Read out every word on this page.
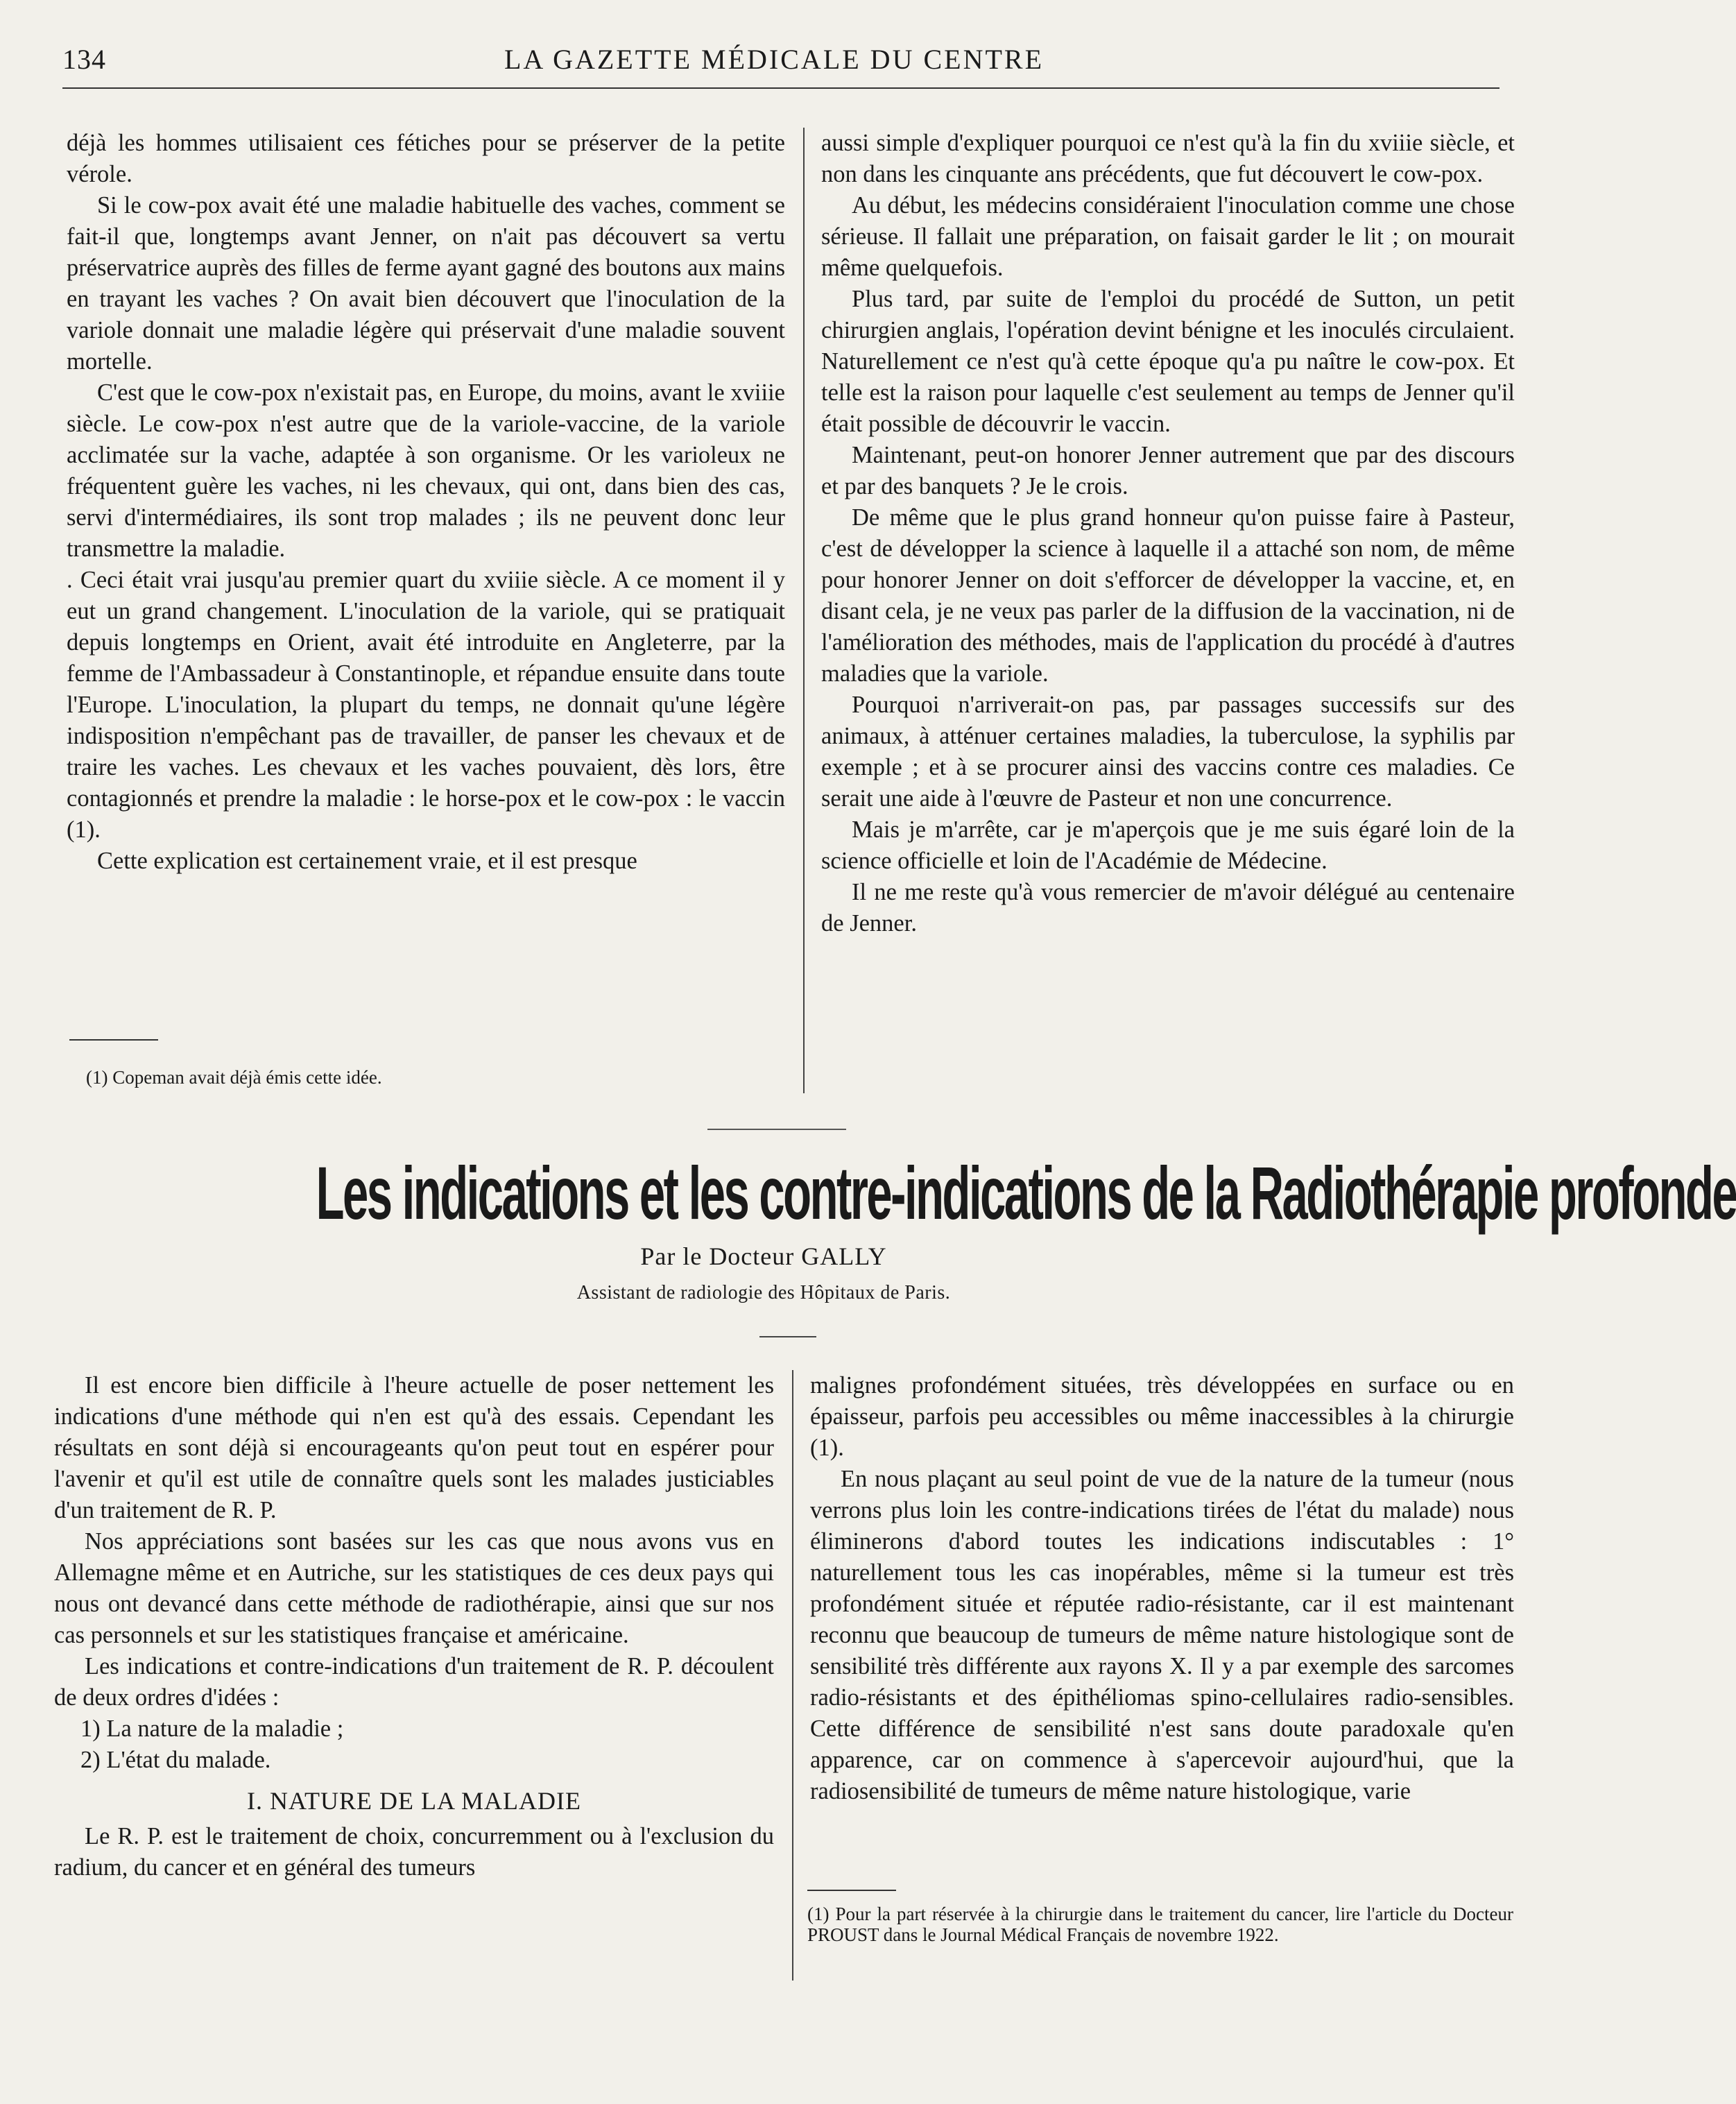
134	LA GAZETTE MÉDICALE DU CENTRE

déjà les hommes utilisaient ces fétiches pour se préserver de la petite vérole.

Si le cow-pox avait été une maladie habituelle des vaches, comment se fait-il que, longtemps avant Jenner, on n'ait pas découvert sa vertu préservatrice auprès des filles de ferme ayant gagné des boutons aux mains en trayant les vaches ? On avait bien découvert que l'inoculation de la variole donnait une maladie légère qui préservait d'une maladie souvent mortelle.

C'est que le cow-pox n'existait pas, en Europe, du moins, avant le xviiie siècle. Le cow-pox n'est autre que de la variole-vaccine, de la variole acclimatée sur la vache, adaptée à son organisme. Or les varioleux ne fréquentent guère les vaches, ni les chevaux, qui ont, dans bien des cas, servi d'intermédiaires, ils sont trop malades ; ils ne peuvent donc leur transmettre la maladie.

. Ceci était vrai jusqu'au premier quart du xviiie siècle. A ce moment il y eut un grand changement. L'inoculation de la variole, qui se pratiquait depuis longtemps en Orient, avait été introduite en Angleterre, par la femme de l'Ambassadeur à Constantinople, et répandue ensuite dans toute l'Europe. L'inoculation, la plupart du temps, ne donnait qu'une légère indisposition n'empêchant pas de travailler, de panser les chevaux et de traire les vaches. Les chevaux et les vaches pouvaient, dès lors, être contagionnés et prendre la maladie : le horse-pox et le cow-pox : le vaccin (1).

Cette explication est certainement vraie, et il est presque

(1) Copeman avait déjà émis cette idée.

aussi simple d'expliquer pourquoi ce n'est qu'à la fin du xviiie siècle, et non dans les cinquante ans précédents, que fut découvert le cow-pox.

Au début, les médecins considéraient l'inoculation comme une chose sérieuse. Il fallait une préparation, on faisait garder le lit ; on mourait même quelquefois.

Plus tard, par suite de l'emploi du procédé de Sutton, un petit chirurgien anglais, l'opération devint bénigne et les inoculés circulaient. Naturellement ce n'est qu'à cette époque qu'a pu naître le cow-pox. Et telle est la raison pour laquelle c'est seulement au temps de Jenner qu'il était possible de découvrir le vaccin.

Maintenant, peut-on honorer Jenner autrement que par des discours et par des banquets ? Je le crois.

De même que le plus grand honneur qu'on puisse faire à Pasteur, c'est de développer la science à laquelle il a attaché son nom, de même pour honorer Jenner on doit s'efforcer de développer la vaccine, et, en disant cela, je ne veux pas parler de la diffusion de la vaccination, ni de l'amélioration des méthodes, mais de l'application du procédé à d'autres maladies que la variole.

Pourquoi n'arriverait-on pas, par passages successifs sur des animaux, à atténuer certaines maladies, la tuberculose, la syphilis par exemple ; et à se procurer ainsi des vaccins contre ces maladies. Ce serait une aide à l'œuvre de Pasteur et non une concurrence.

Mais je m'arrête, car je m'aperçois que je me suis égaré loin de la science officielle et loin de l'Académie de Médecine.

Il ne me reste qu'à vous remercier de m'avoir délégué au centenaire de Jenner.

Les indications et les contre-indications de la Radiothérapie profonde
Par le Docteur GALLY
Assistant de radiologie des Hôpitaux de Paris.

Il est encore bien difficile à l'heure actuelle de poser nettement les indications d'une méthode qui n'en est qu'à des essais. Cependant les résultats en sont déjà si encourageants qu'on peut tout en espérer pour l'avenir et qu'il est utile de connaître quels sont les malades justiciables d'un traitement de R. P.

Nos appréciations sont basées sur les cas que nous avons vus en Allemagne même et en Autriche, sur les statistiques de ces deux pays qui nous ont devancé dans cette méthode de radiothérapie, ainsi que sur nos cas personnels et sur les statistiques française et américaine.

Les indications et contre-indications d'un traitement de R. P. découlent de deux ordres d'idées :

1) La nature de la maladie ;

2) L'état du malade.

I. NATURE DE LA MALADIE

Le R. P. est le traitement de choix, concurremment ou à l'exclusion du radium, du cancer et en général des tumeurs

malignes profondément situées, très développées en surface ou en épaisseur, parfois peu accessibles ou même inaccessibles à la chirurgie (1).

En nous plaçant au seul point de vue de la nature de la tumeur (nous verrons plus loin les contre-indications tirées de l'état du malade) nous éliminerons d'abord toutes les indications indiscutables : 1° naturellement tous les cas inopérables, même si la tumeur est très profondément située et réputée radio-résistante, car il est maintenant reconnu que beaucoup de tumeurs de même nature histologique sont de sensibilité très différente aux rayons X. Il y a par exemple des sarcomes radio-résistants et des épithéliomas spino-cellulaires radio-sensibles. Cette différence de sensibilité n'est sans doute paradoxale qu'en apparence, car on commence à s'apercevoir aujourd'hui, que la radiosensibilité de tumeurs de même nature histologique, varie

(1) Pour la part réservée à la chirurgie dans le traitement du cancer, lire l'article du Docteur PROUST dans le Journal Médical Français de novembre 1922.
